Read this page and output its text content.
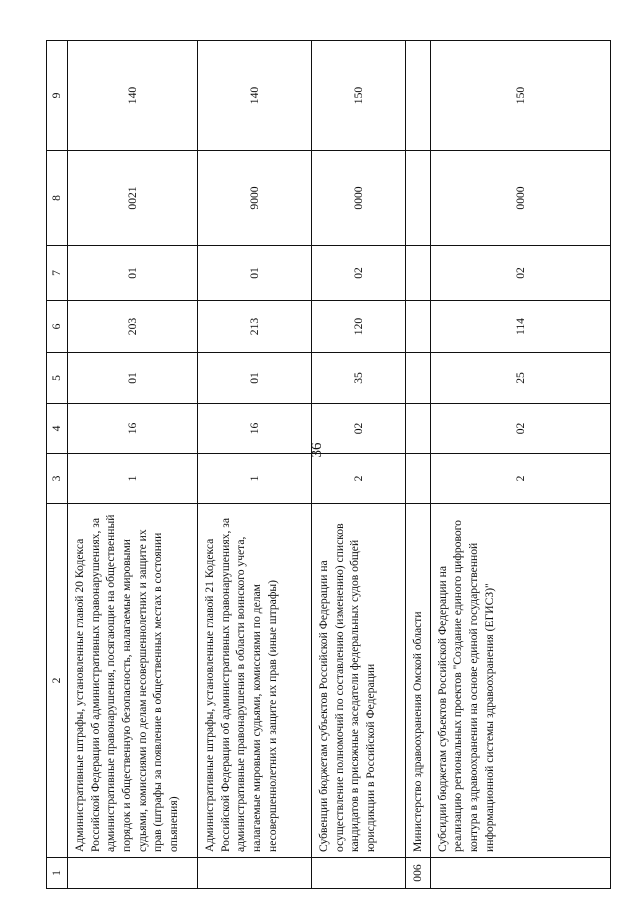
36
1	2	3	4	5	6	7	8	9
	Административные штрафы, установленные главой 20 Кодекса Российской Федерации об административных правонарушениях, за административные правонарушения, посягающие на общественный порядок и общественную безопасность, налагаемые мировыми судьями, комиссиями по делам несовершеннолетних и защите их прав (штрафы за появление в общественных местах в состоянии опьянения)	1	16	01	203	01	0021	140
	Административные штрафы, установленные главой 21 Кодекса Российской Федерации об административных правонарушениях, за административные правонарушения в области воинского учета, налагаемые мировыми судьями, комиссиями по делам несовершеннолетних и защите их прав (иные штрафы)	1	16	01	213	01	9000	140
	Субвенции бюджетам субъектов Российской Федерации на осуществление полномочий по составлению (изменению) списков кандидатов в присяжные заседатели федеральных судов общей юрисдикции в Российской Федерации	2	02	35	120	02	0000	150
006	Министерство здравоохранения Омской области							
	Субсидии бюджетам субъектов Российской Федерации на реализацию региональных проектов "Создание единого цифрового контура в здравоохранении на основе единой государственной информационной системы здравоохранения (ЕГИСЗ)"	2	02	25	114	02	0000	150
